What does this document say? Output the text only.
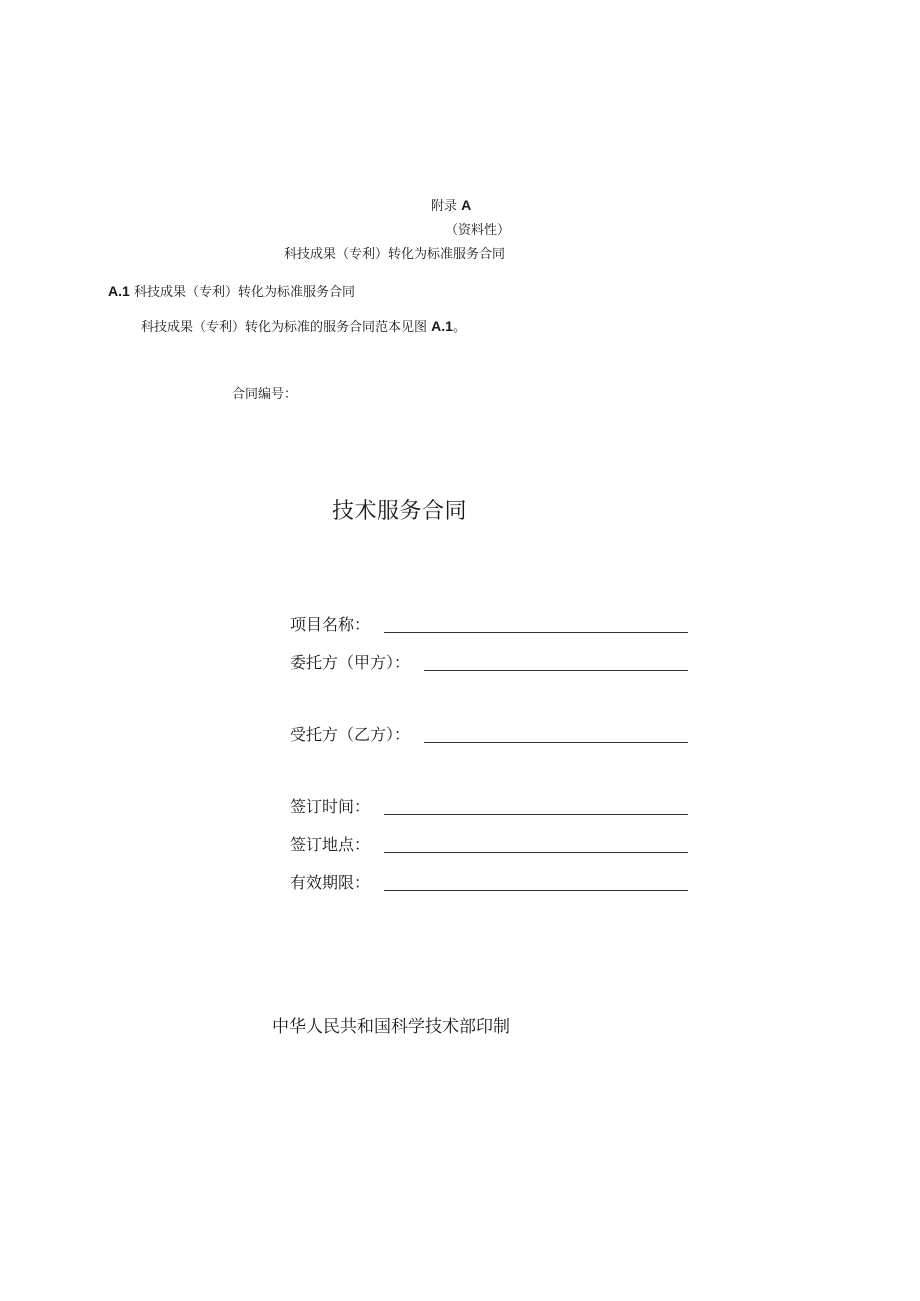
附录 A
（资料性）
科技成果（专利）转化为标准服务合同
A.1 科技成果（专利）转化为标准服务合同
科技成果（专利）转化为标准的服务合同范本见图 A.1。
合同编号：
技术服务合同
项目名称：
委托方（甲方）：
受托方（乙方）：
签订时间：
签订地点：
有效期限：
中华人民共和国科学技术部印制
